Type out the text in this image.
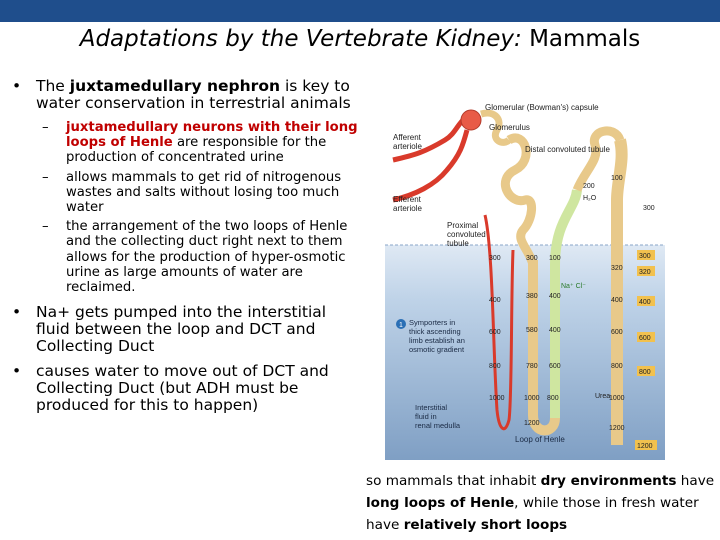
Adaptations by the Vertebrate Kidney: Mammals
• The juxtamedullary nephron is key to water conservation in terrestrial animals
– juxtamedullary neurons with their long loops of Henle are responsible for the production of concentrated urine
– allows mammals to get rid of nitrogenous wastes and salts without losing too much water
– the arrangement of the two loops of Henle and the collecting duct right next to them allows for the production of hyper-osmotic urine as large amounts of water are reclaimed.
• Na+ gets pumped into the interstitial fluid between the loop and DCT and Collecting Duct
• causes water to move out of DCT and Collecting Duct (but ADH must be produced for this to happen)
Glomerular (Bowman's) capsule
Glomerulus
Afferent
arteriole
Efferent
arteriole
Distal convoluted tubule
Proximal
convoluted
tubule
1 Symporters in
thick ascending
limb establish an
osmotic gradient
Interstitial
fluid in
renal medulla
Loop of Henle
Na⁺ Cl⁻
Urea
H₂O
300
400
600
800
1000
300
380
580
780
1000
1200
100
400
400
600
800
100
320
400
600
800
1000
1200
300
320
400
600
800
1200
200
300
so mammals that inhabit dry environments have long loops of Henle, while those in fresh water have relatively short loops
